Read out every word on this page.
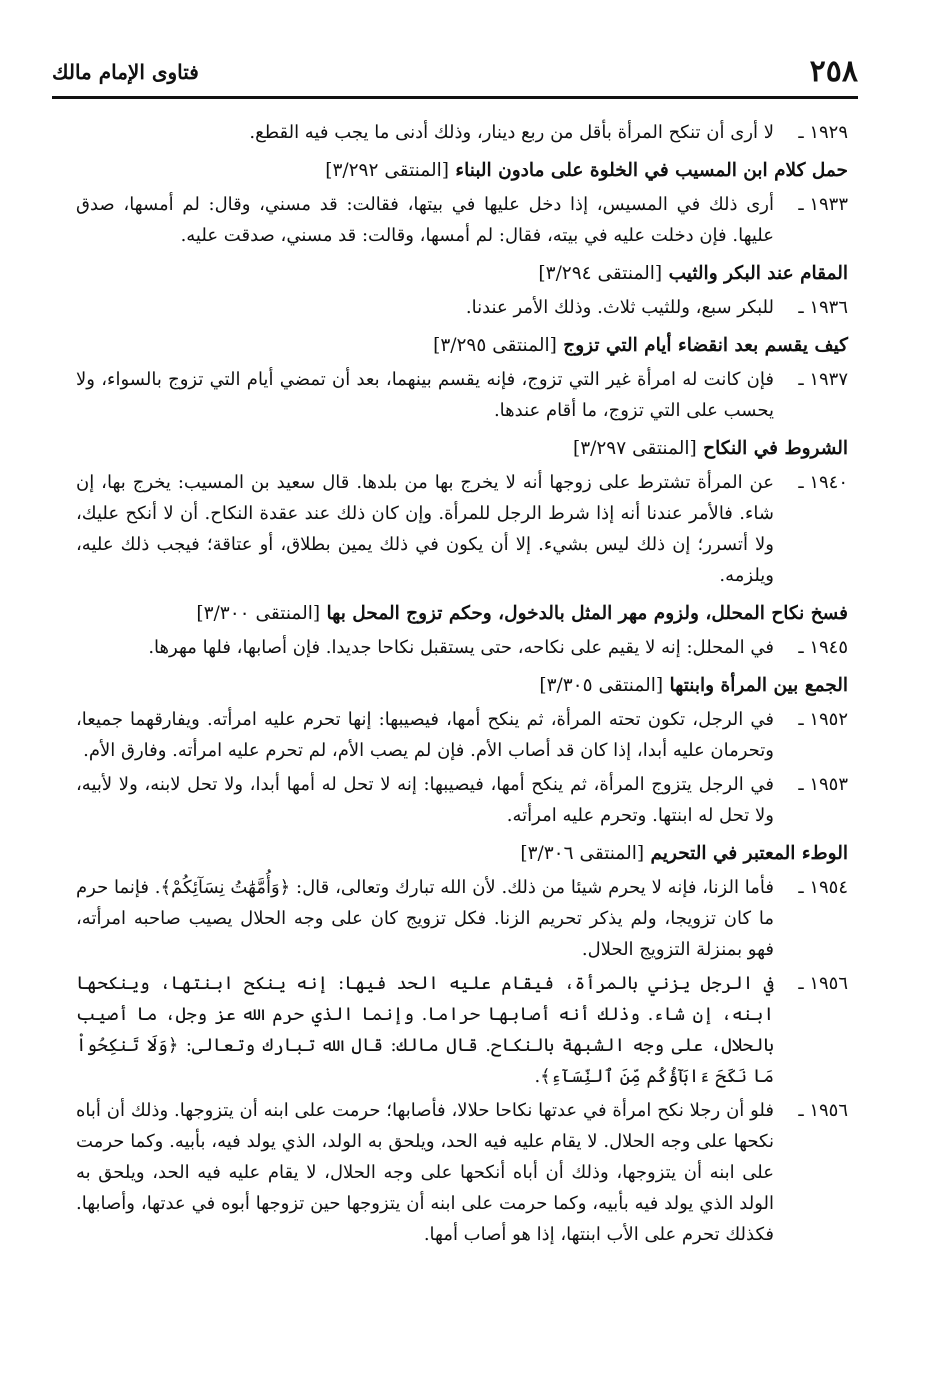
٢٥٨
فتاوى الإمام مالك
١٩٢٩ ـ

لا أرى أن تنكح المرأة بأقل من ربع دينار، وذلك أدنى ما يجب فيه القطع.

حمل كلام ابن المسيب في الخلوة على مادون البناء [المنتقى ٣/٢٩٢]
١٩٣٣ ـ

أرى ذلك في المسيس، إذا دخل عليها في بيتها، فقالت: قد مسني، وقال: لم أمسها، صدق عليها. فإن دخلت عليه في بيته، فقال: لم أمسها، وقالت: قد مسني، صدقت عليه.

المقام عند البكر والثيب [المنتقى ٣/٢٩٤]
١٩٣٦ ـ

للبكر سبع، وللثيب ثلاث. وذلك الأمر عندنا.

كيف يقسم بعد انقضاء أيام التي تزوج [المنتقى ٣/٢٩٥]
١٩٣٧ ـ

فإن كانت له امرأة غير التي تزوج، فإنه يقسم بينهما، بعد أن تمضي أيام التي تزوج بالسواء، ولا يحسب على التي تزوج، ما أقام عندها.

الشروط في النكاح [المنتقى ٣/٢٩٧]
١٩٤٠ ـ

عن المرأة تشترط على زوجها أنه لا يخرج بها من بلدها. قال سعيد بن المسيب: يخرج بها، إن شاء. فالأمر عندنا أنه إذا شرط الرجل للمرأة. وإن كان ذلك عند عقدة النكاح. أن لا أنكح عليك، ولا أتسرر؛ إن ذلك ليس بشيء. إلا أن يكون في ذلك يمين بطلاق، أو عتاقة؛ فيجب ذلك عليه، ويلزمه.

فسخ نكاح المحلل، ولزوم مهر المثل بالدخول، وحكم تزوج المحل بها [المنتقى ٣/٣٠٠]
١٩٤٥ ـ

في المحلل: إنه لا يقيم على نكاحه، حتى يستقبل نكاحا جديدا. فإن أصابها، فلها مهرها.

الجمع بين المرأة وابنتها [المنتقى ٣/٣٠٥]
١٩٥٢ ـ

في الرجل، تكون تحته المرأة، ثم ينكح أمها، فيصيبها: إنها تحرم عليه امرأته. ويفارقهما جميعا، وتحرمان عليه أبدا، إذا كان قد أصاب الأم. فإن لم يصب الأم، لم تحرم عليه امرأته. وفارق الأم.

١٩٥٣ ـ

في الرجل يتزوج المرأة، ثم ينكح أمها، فيصيبها: إنه لا تحل له أمها أبدا، ولا تحل لابنه، ولا لأبيه، ولا تحل له ابنتها. وتحرم عليه امرأته.

الوطء المعتبر في التحريم [المنتقى ٣/٣٠٦]
١٩٥٤ ـ

فأما الزنا، فإنه لا يحرم شيئا من ذلك. لأن الله تبارك وتعالى، قال: ﴿وَأُمَّهَٰتُ نِسَآئِكُمْ﴾. فإنما حرم ما كان تزويجا، ولم يذكر تحريم الزنا. فكل تزويج كان على وجه الحلال يصيب صاحبه امرأته، فهو بمنزلة التزويج الحلال.

١٩٥٦ ـ

في الرجل يزني بالمرأة، فيقام عليه الحد فيها: إنه ينكح ابنتها، وينكحها ابنه، إن شاء. وذلك أنه أصابها حراما. وإنما الذي حرم الله عز وجل، ما أصيب بالحلال، على وجه الشبهة بالنكاح. قال مالك: قال الله تبارك وتعالى: ﴿وَلَا تَنكِحُواْ مَا نَكَحَ ءَابَآؤُكُم مِّنَ ٱلنِّسَآءِ﴾.

١٩٥٦ ـ

فلو أن رجلا نكح امرأة في عدتها نكاحا حلالا، فأصابها؛ حرمت على ابنه أن يتزوجها. وذلك أن أباه نكحها على وجه الحلال. لا يقام عليه فيه الحد، ويلحق به الولد، الذي يولد فيه، بأبيه. وكما حرمت على ابنه أن يتزوجها، وذلك أن أباه أنكحها على وجه الحلال، لا يقام عليه فيه الحد، ويلحق به الولد الذي يولد فيه بأبيه، وكما حرمت على ابنه أن يتزوجها حين تزوجها أبوه في عدتها، وأصابها. فكذلك تحرم على الأب ابنتها، إذا هو أصاب أمها.
